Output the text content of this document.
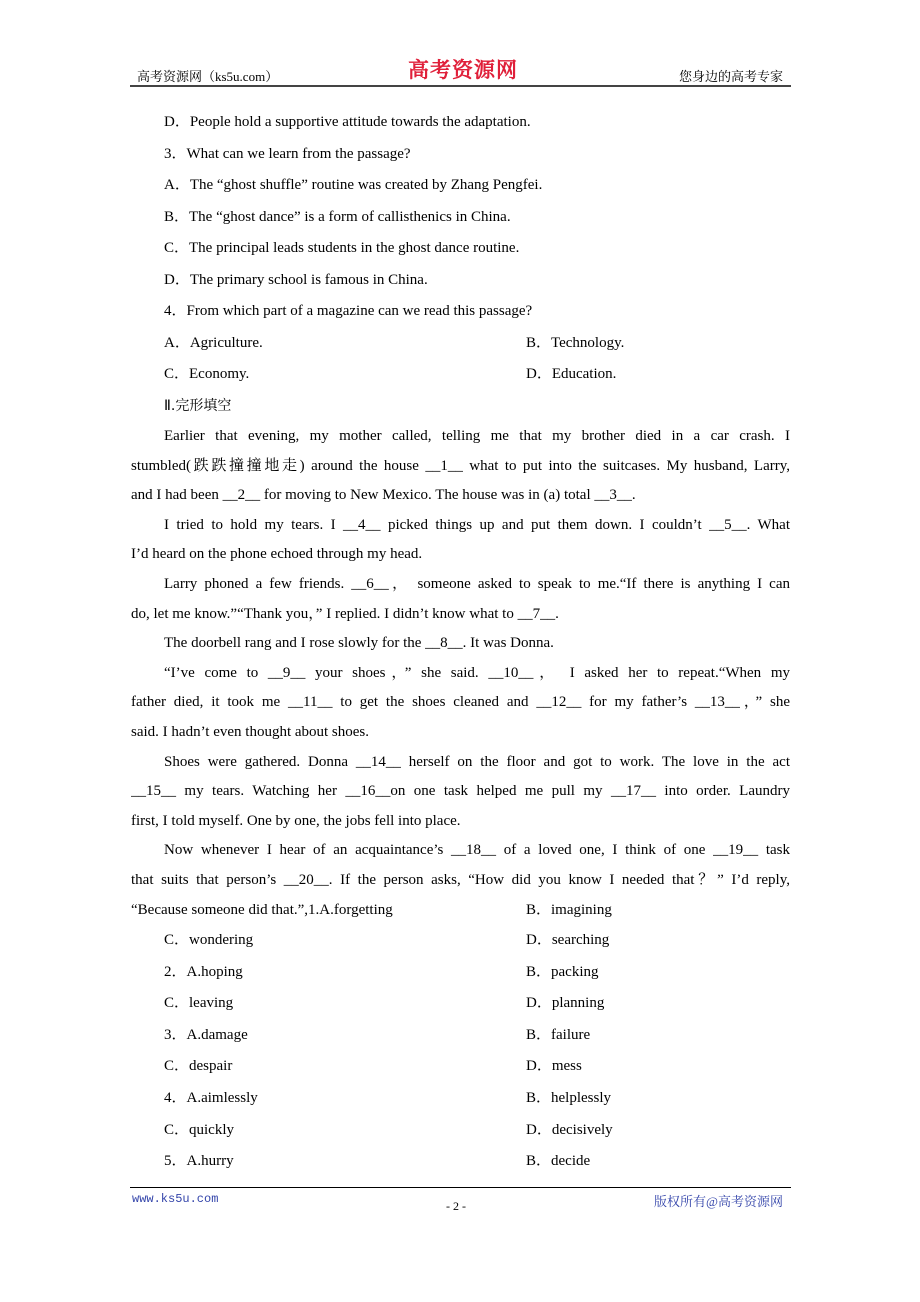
高考资源网（ks5u.com）	高考资源网	您身边的高考专家
D．People hold a supportive attitude towards the adaptation.
3．What can we learn from the passage?
A．The “ghost shuffle” routine was created by Zhang Pengfei.
B．The “ghost dance” is a form of callisthenics in China.
C．The principal leads students in the ghost dance routine.
D．The primary school is famous in China.
4．From which part of a magazine can we read this passage?
A．Agriculture.	B．Technology.
C．Economy.	D．Education.
Ⅱ.完形填空
Earlier that evening, my mother called, telling me that my brother died in a car crash. I
stumbled(跌跌撞撞地走) around the house __1__ what to put into the suitcases. My husband, Larry,
and I had been __2__ for moving to New Mexico. The house was in (a) total __3__.
I tried to hold my tears. I __4__ picked things up and put them down. I couldn’t __5__. What
I’d heard on the phone echoed through my head.
Larry phoned a few friends. __6__， someone asked to speak to me.“If there is anything I can
do, let me know.”“Thank you，” I replied. I didn’t know what to __7__.
The doorbell rang and I rose slowly for the __8__. It was Donna.
“I’ve come to __9__ your shoes，” she said. __10__， I asked her to repeat.“When my
father died, it took me __11__ to get the shoes cleaned and __12__ for my father’s __13__，” she
said. I hadn’t even thought about shoes.
Shoes were gathered. Donna __14__ herself on the floor and got to work. The love in the act
__15__ my tears. Watching her __16__on one task helped me pull my __17__ into order. Laundry
first, I told myself. One by one, the jobs fell into place.
Now whenever I hear of an acquaintance’s __18__ of a loved one, I think of one __19__ task
that suits that person’s __20__. If the person asks, “How did you know I needed that？” I’d reply,
“Because someone did that.”,1.A.forgetting	B．imagining
C．wondering	D．searching
2．A.hoping	B．packing
C．leaving	D．planning
3．A.damage	B．failure
C．despair	D．mess
4．A.aimlessly	B．helplessly
C．quickly	D．decisively
5．A.hurry	B．decide
www.ks5u.com	- 2 -	版权所有@高考资源网
